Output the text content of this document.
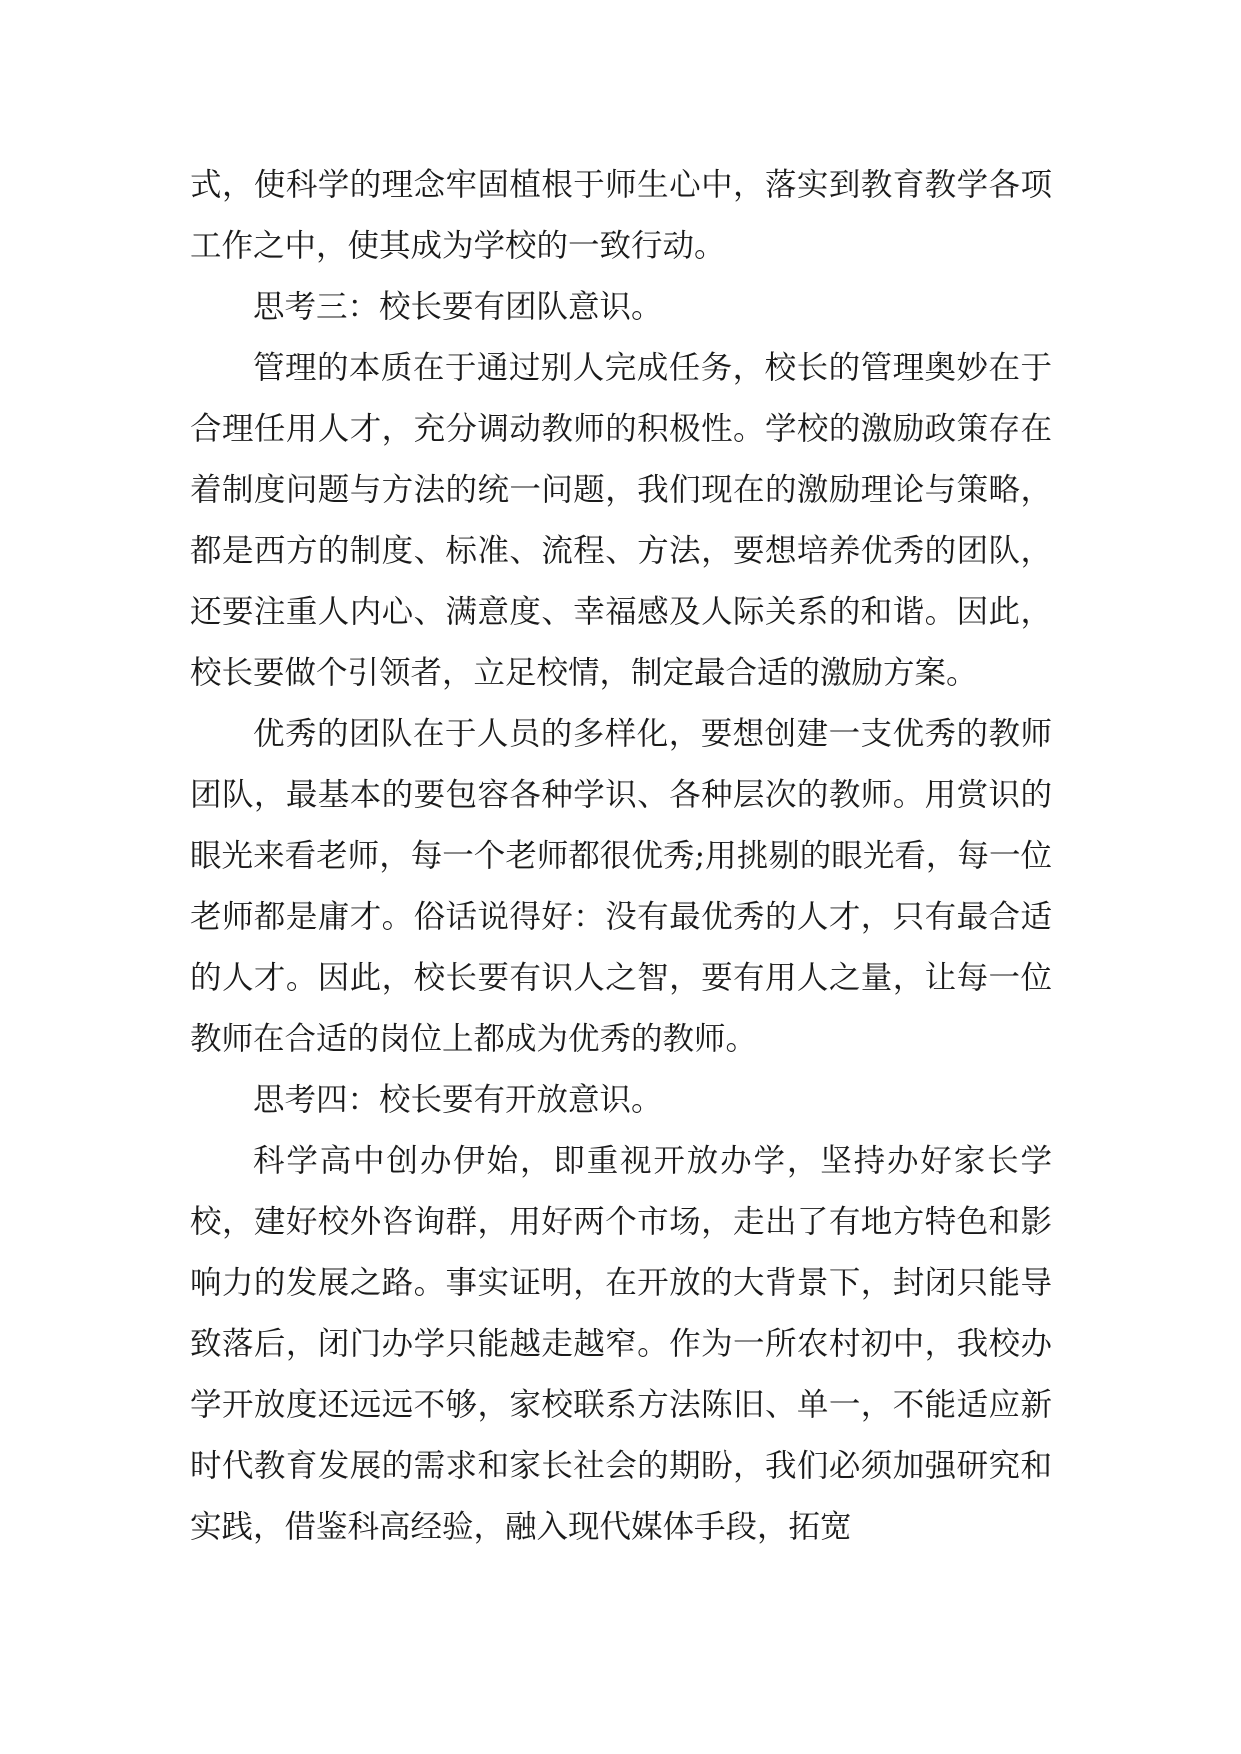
式，使科学的理念牢固植根于师生心中，落实到教育教学各项工作之中，使其成为学校的一致行动。

思考三：校长要有团队意识。

管理的本质在于通过别人完成任务，校长的管理奥妙在于合理任用人才，充分调动教师的积极性。学校的激励政策存在着制度问题与方法的统一问题，我们现在的激励理论与策略，都是西方的制度、标准、流程、方法，要想培养优秀的团队，还要注重人内心、满意度、幸福感及人际关系的和谐。因此，校长要做个引领者，立足校情，制定最合适的激励方案。

优秀的团队在于人员的多样化，要想创建一支优秀的教师团队，最基本的要包容各种学识、各种层次的教师。用赏识的眼光来看老师，每一个老师都很优秀;用挑剔的眼光看，每一位老师都是庸才。俗话说得好：没有最优秀的人才，只有最合适的人才。因此，校长要有识人之智，要有用人之量，让每一位教师在合适的岗位上都成为优秀的教师。

思考四：校长要有开放意识。

科学高中创办伊始，即重视开放办学，坚持办好家长学校，建好校外咨询群，用好两个市场，走出了有地方特色和影响力的发展之路。事实证明，在开放的大背景下，封闭只能导致落后，闭门办学只能越走越窄。作为一所农村初中，我校办学开放度还远远不够，家校联系方法陈旧、单一，不能适应新时代教育发展的需求和家长社会的期盼，我们必须加强研究和实践，借鉴科高经验，融入现代媒体手段，拓宽
